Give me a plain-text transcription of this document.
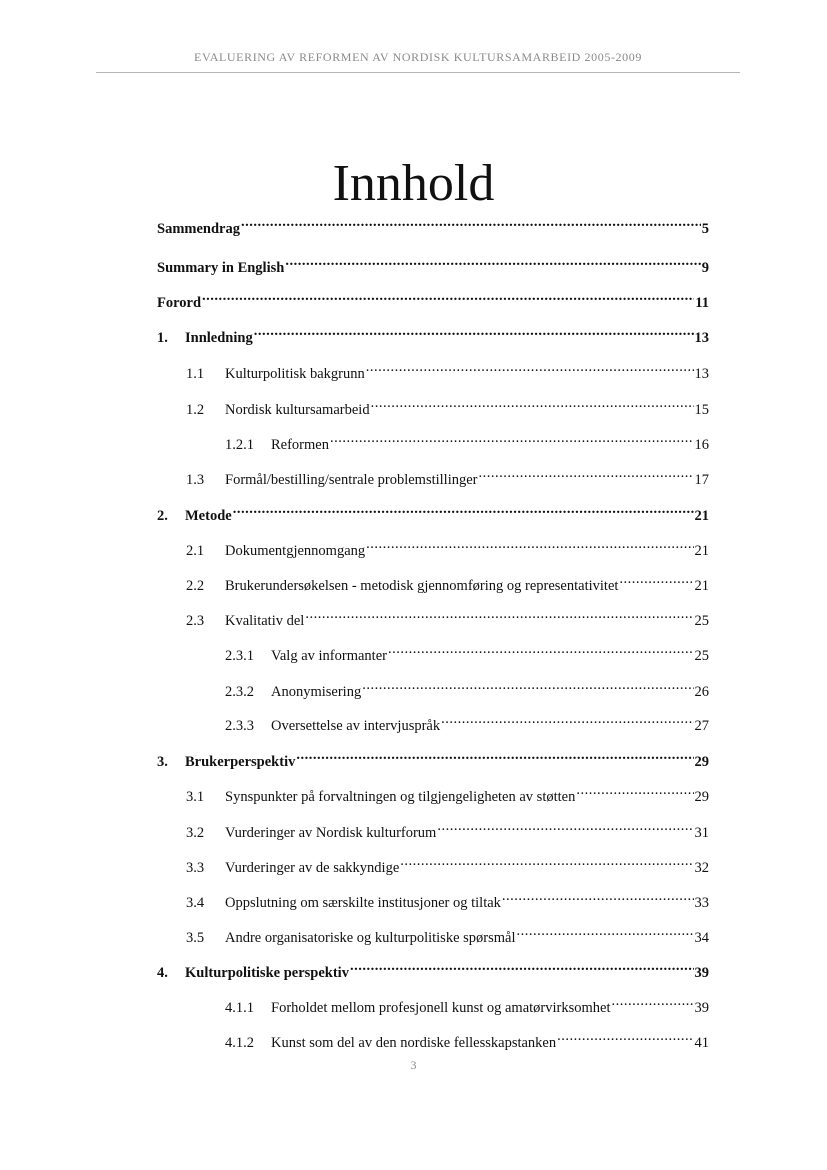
EVALUERING AV REFORMEN AV NORDISK KULTURSAMARBEID 2005-2009
Innhold
Sammendrag .....	5
Summary in English .....	9
Forord .....	11
1.	Innledning .....	13
1.1	Kulturpolitisk bakgrunn .....	13
1.2	Nordisk kultursamarbeid .....	15
1.2.1	Reformen .....	16
1.3	Formål/bestilling/sentrale problemstillinger .....	17
2.	Metode .....	21
2.1	Dokumentgjennomgang .....	21
2.2	Brukerundersøkelsen - metodisk gjennomføring og representativitet .....	21
2.3	Kvalitativ del .....	25
2.3.1	Valg av informanter .....	25
2.3.2	Anonymisering .....	26
2.3.3	Oversettelse av intervjuspråk .....	27
3.	Brukerperspektiv .....	29
3.1	Synspunkter på forvaltningen og tilgjengeligheten av støtten .....	29
3.2	Vurderinger av Nordisk kulturforum .....	31
3.3	Vurderinger av de sakkyndige .....	32
3.4	Oppslutning om særskilte institusjoner og tiltak .....	33
3.5	Andre organisatoriske og kulturpolitiske spørsmål .....	34
4.	Kulturpolitiske perspektiv .....	39
4.1.1	Forholdet mellom profesjonell kunst og amatørvirksomhet .....	39
4.1.2	Kunst som del av den nordiske fellesskapstanken .....	41
3
